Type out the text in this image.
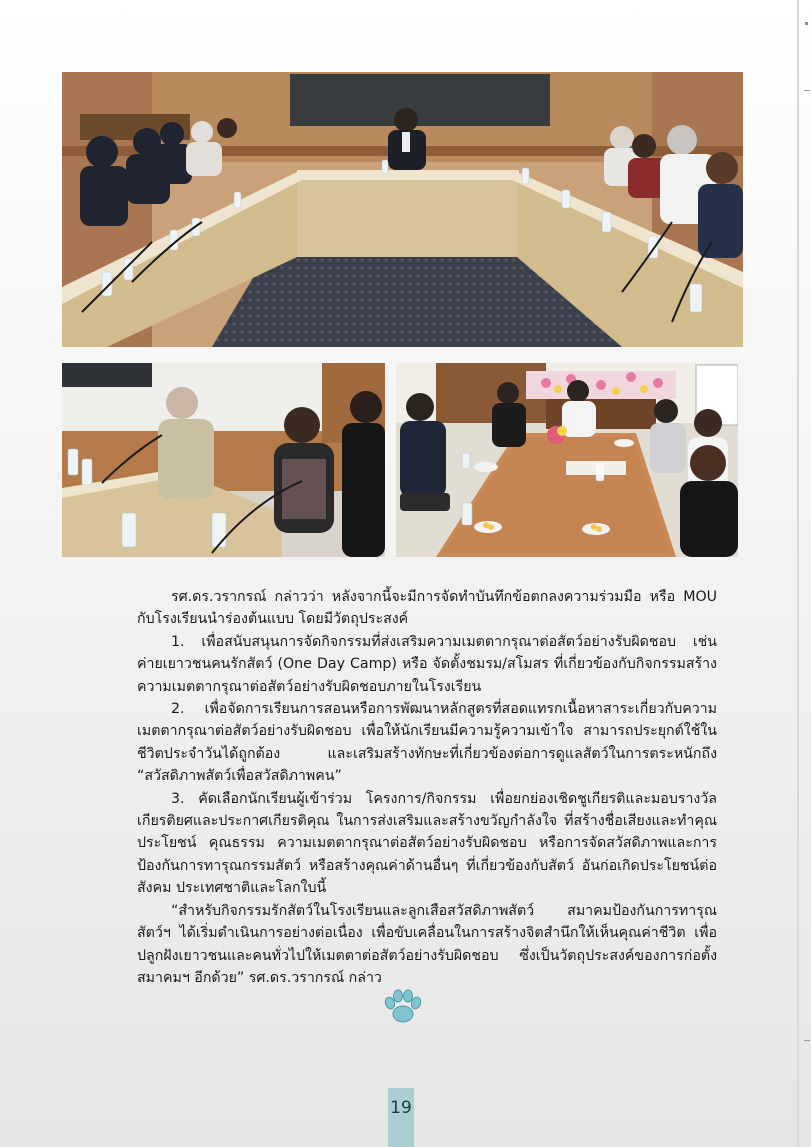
รศ.ดร.วรากรณ์ กล่าวว่า หลังจากนี้จะมีการจัดทำบันทึกข้อตกลงความร่วมมือ หรือ MOU กับโรงเรียนนำร่องต้นแบบ โดยมีวัตถุประสงค์

1. เพื่อสนับสนุนการจัดกิจกรรมที่ส่งเสริมความเมตตากรุณาต่อสัตว์อย่างรับผิดชอบ เช่น ค่ายเยาวชนคนรักสัตว์ (One Day Camp) หรือ จัดตั้งชมรม/สโมสร ที่เกี่ยวข้องกับกิจกรรมสร้างความเมตตากรุณาต่อสัตว์อย่างรับผิดชอบภายในโรงเรียน

2. เพื่อจัดการเรียนการสอนหรือการพัฒนาหลักสูตรที่สอดแทรกเนื้อหาสาระเกี่ยวกับความเมตตากรุณาต่อสัตว์อย่างรับผิดชอบ เพื่อให้นักเรียนมีความรู้ความเข้าใจ สามารถประยุกต์ใช้ในชีวิตประจำวันได้ถูกต้อง และเสริมสร้างทักษะที่เกี่ยวข้องต่อการดูแลสัตว์ในการตระหนักถึง “สวัสดิภาพสัตว์เพื่อสวัสดิภาพคน”

3. คัดเลือกนักเรียนผู้เข้าร่วม โครงการ/กิจกรรม เพื่อยกย่องเชิดชูเกียรติและมอบรางวัลเกียรติยศและประกาศเกียรติคุณ ในการส่งเสริมและสร้างขวัญกำลังใจ ที่สร้างชื่อเสียงและทำคุณประโยชน์ คุณธรรม ความเมตตากรุณาต่อสัตว์อย่างรับผิดชอบ หรือการจัดสวัสดิภาพและการป้องกันการทารุณกรรมสัตว์ หรือสร้างคุณค่าด้านอื่นๆ ที่เกี่ยวข้องกับสัตว์ อันก่อเกิดประโยชน์ต่อสังคม ประเทศชาติและโลกใบนี้

“สำหรับกิจกรรมรักสัตว์ในโรงเรียนและลูกเสือสวัสดิภาพสัตว์ สมาคมป้องกันการทารุณสัตว์ฯ ได้เริ่มดำเนินการอย่างต่อเนื่อง เพื่อขับเคลื่อนในการสร้างจิตสำนึกให้เห็นคุณค่าชีวิต เพื่อปลูกฝังเยาวชนและคนทั่วไปให้เมตตาต่อสัตว์อย่างรับผิดชอบ ซึ่งเป็นวัตถุประสงค์ของการก่อตั้งสมาคมฯ อีกด้วย” รศ.ดร.วรากรณ์ กล่าว

19
